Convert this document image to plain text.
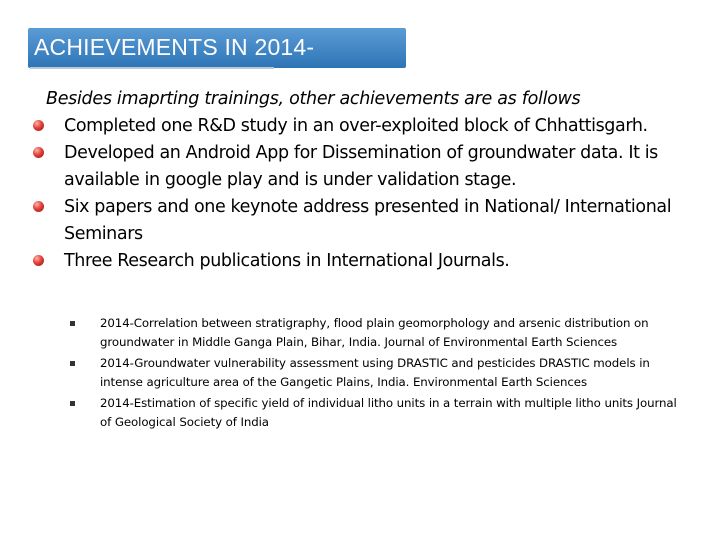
ACHIEVEMENTS IN 2014-
Besides imaprting trainings, other achievements are as follows
Completed one R&D study in an over-exploited block of Chhattisgarh.
Developed an Android App for Dissemination of groundwater data. It is available in google play and is under validation stage.
Six papers and one keynote address presented in National/ International Seminars
Three Research publications in International Journals.
2014-Correlation between stratigraphy, flood plain geomorphology and arsenic distribution on groundwater in Middle Ganga Plain, Bihar, India. Journal of Environmental Earth Sciences
2014-Groundwater vulnerability assessment using DRASTIC and pesticides DRASTIC models in intense agriculture area of the Gangetic Plains, India. Environmental Earth Sciences
2014-Estimation of specific yield of individual litho units in a terrain with multiple litho units Journal of Geological Society of India
